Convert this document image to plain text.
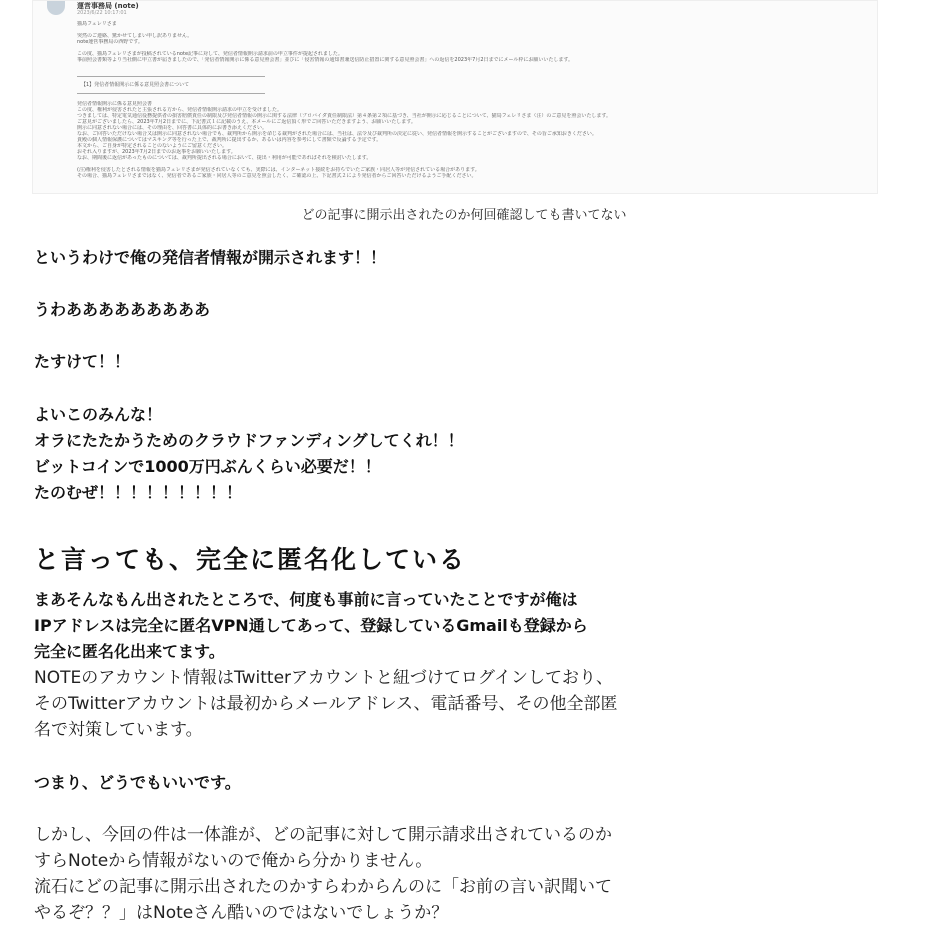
運営事務局 (note)
2023/6/22 10:17:01
猫鳥フェレリさま
突然のご連絡、驚かせてしまい申し訳ありません。
note運営事務局の西野です。
この度、猫鳥フェレリさまが投稿されているnote記事に対して、発信者情報開示請求前の申立事件が提起されました。
事前照会書類等より当社側に申立書が届きましたので、「発信者情報開示に係る意見照会書」並びに「侵害情報の通知書兼送信防止措置に関する意見照会書」への返信を2023年7月2日までにメール枠にお願いいたします。
【1】発信者情報開示に係る意見照会書について
発信者情報開示に係る意見照会書
この度、権利が侵害されたと主張される方から、発信者情報開示請求の申立を受けました。
つきましては、特定電気通信役務提供者の損害賠償責任の制限及び発信者情報の開示に関する法律（プロバイダ責任制限法）第４条第２項に基づき、当社が開示に応じることについて、猫鳥フェレリさま（注）のご意見を照会いたします。
ご意見がございましたら、2023年7月2日までに、下記書式１に記載のうえ、本メールにご返信頂く形でご回答いただきますよう、お願いいたします。
開示に同意されない場合には、その理由を、回答書に具体的にお書き添えください。
なお、ご回答いただけない場合又は開示に同意されない場合でも、裁判所から開示を命じる裁判がされた場合には、当社は、法令及び裁判所の決定に従い、発信者情報を開示することがございますので、その旨ご承知おきください。
貴殿の個人情報保護についてはマスキング等を行った上で、裁判所に提出するか、あるいは内容を参考にして書類で反論する予定です。
本文から、ご自身が特定されることのないようにご留意ください。
おそれ入りますが、2023年7月2日までのお返事をお願いいたします。
なお、期間後に返信があったものについては、裁判所提出される場合において、提出・利用が可能であればそれを検討いたします。
(注)権利を侵害したとされる情報を猫鳥フェレリさまが発信されていなくても、実際には、インターネット接続をお持ちでいたご家族・同居人等が発信されている場合があります。
その場合、猫鳥フェレリさまではなく、発信者であるご家族・同居人等のご意見を照会したく、ご確認の上、下記書式２により発信者からご回答いただけるようご手配ください。
どの記事に開示出されたのか何回確認しても書いてない

というわけで俺の発信者情報が開示されます！！

うわあああああああああ

たすけて！！

よいこのみんな！

オラにたたかうためのクラウドファンディングしてくれ！！

ビットコインで1000万円ぶんくらい必要だ！！

たのむぜ！！！！！！！！！

と言っても、完全に匿名化している

まあそんなもん出されたところで、何度も事前に言っていたことですが俺は

IPアドレスは完全に匿名VPN通してあって、登録しているGmailも登録から

完全に匿名化出来てます。

NOTEのアカウント情報はTwitterアカウントと紐づけてログインしており、

そのTwitterアカウントは最初からメールアドレス、電話番号、その他全部匿

名で対策しています。

つまり、どうでもいいです。

しかし、今回の件は一体誰が、どの記事に対して開示請求出されているのか

すらNoteから情報がないので俺から分かりません。

流石にどの記事に開示出されたのかすらわからんのに「お前の言い訳聞いて

やるぞ？？」はNoteさん酷いのではないでしょうか？
